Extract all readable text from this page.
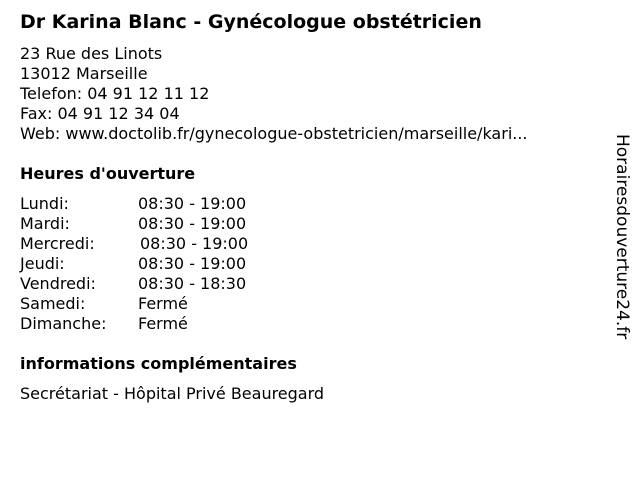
Dr Karina Blanc - Gynécologue obstétricien
23 Rue des Linots
13012 Marseille
Telefon: 04 91 12 11 12
Fax: 04 91 12 34 04
Web: www.doctolib.fr/gynecologue-obstetricien/marseille/kari...
Heures d'ouverture
Lundi:	08:30 - 19:00
Mardi:	08:30 - 19:00
Mercredi:	08:30 - 19:00
Jeudi:	08:30 - 19:00
Vendredi:	08:30 - 18:30
Samedi:	Fermé
Dimanche: Fermé
informations complémentaires
Secrétariat - Hôpital Privé Beauregard
Horairesdouverture24.fr
